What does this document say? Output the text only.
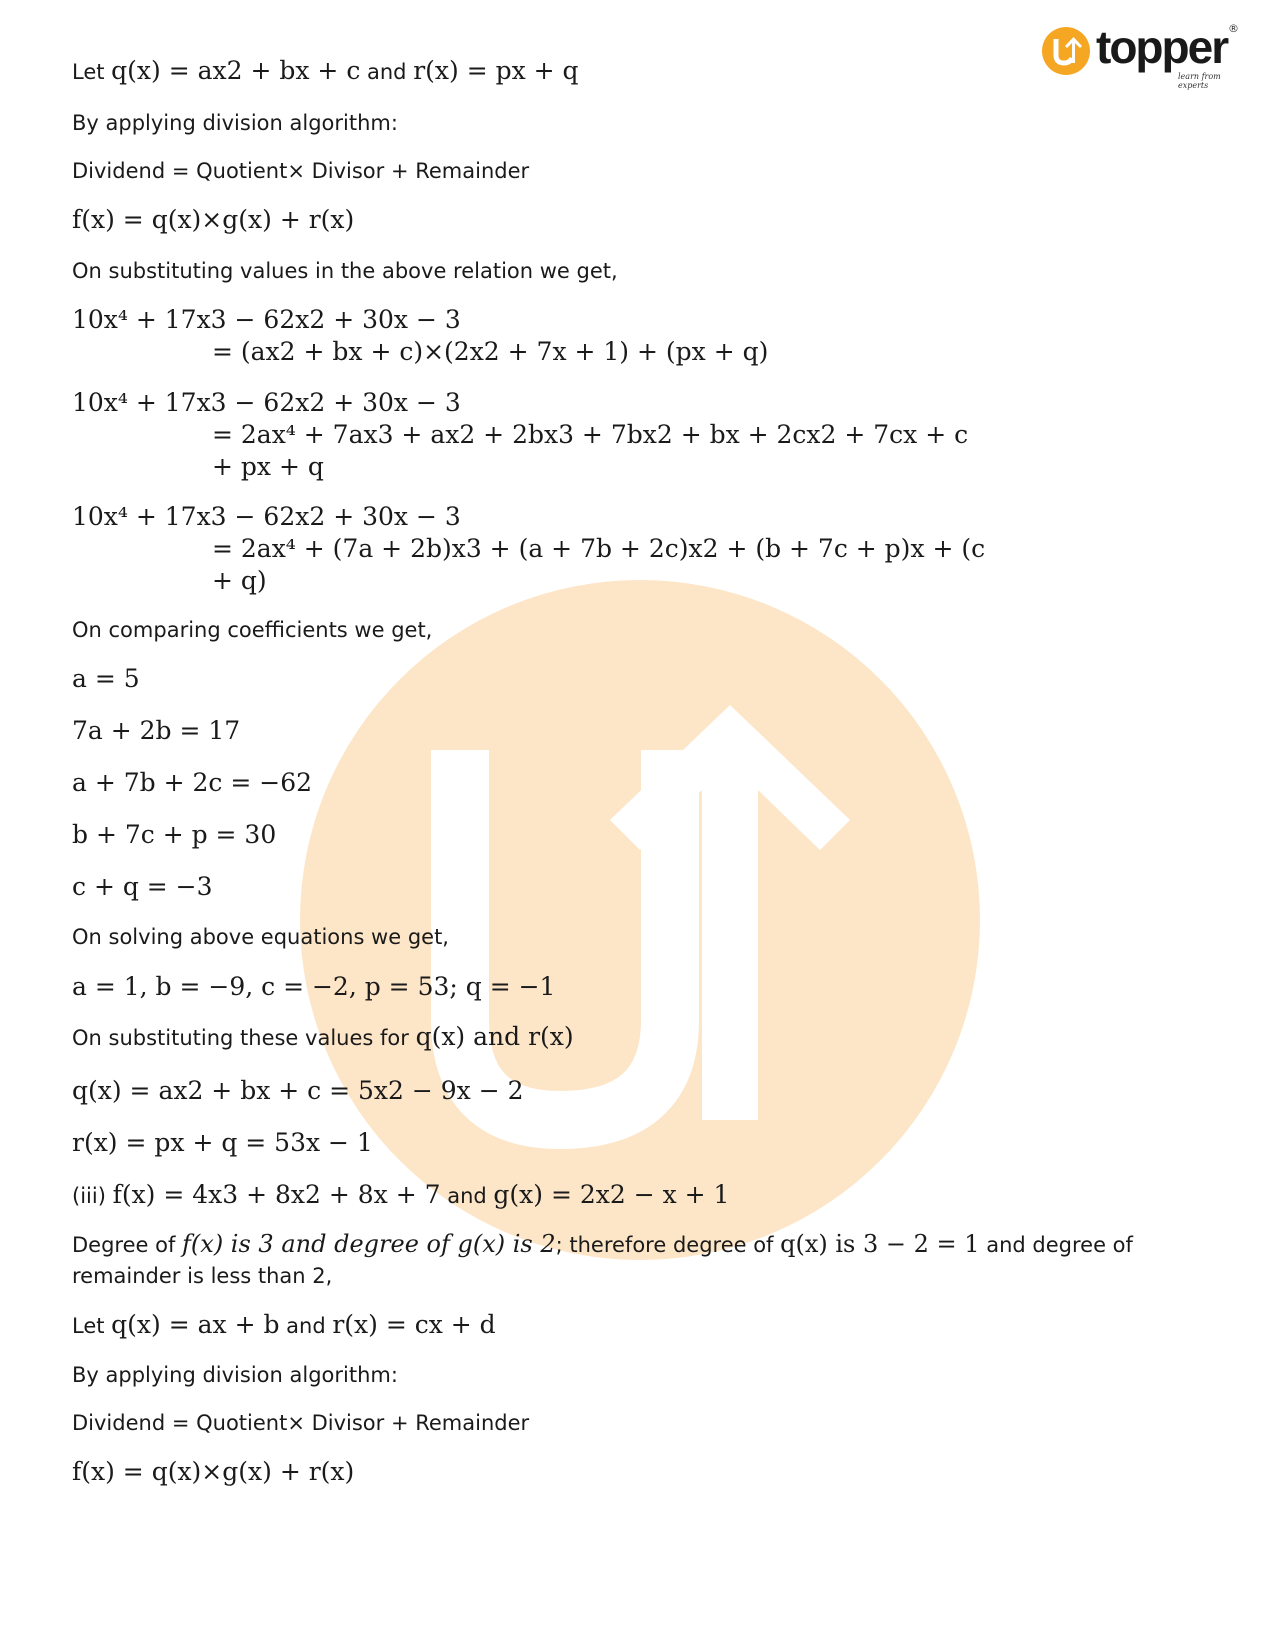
topper
learn from experts
®
Let q(x) = ax2 + bx + c and r(x) = px + q
By applying division algorithm:
Dividend = Quotient× Divisor + Remainder
f(x) = q(x)×g(x) + r(x)
On substituting values in the above relation we get,
10x⁴ + 17x3 − 62x2 + 30x − 3
= (ax2 + bx + c)×(2x2 + 7x + 1) + (px + q)
10x⁴ + 17x3 − 62x2 + 30x − 3
= 2ax⁴ + 7ax3 + ax2 + 2bx3 + 7bx2 + bx + 2cx2 + 7cx + c
+ px + q
10x⁴ + 17x3 − 62x2 + 30x − 3
= 2ax⁴ + (7a + 2b)x3 + (a + 7b + 2c)x2 + (b + 7c + p)x + (c
+ q)
On comparing coefficients we get,
a = 5
7a + 2b = 17
a + 7b + 2c = −62
b + 7c + p = 30
c + q = −3
On solving above equations we get,
a = 1, b = −9, c = −2, p = 53; q = −1
On substituting these values for q(x) and r(x)
q(x) = ax2 + bx + c = 5x2 − 9x − 2
r(x) = px + q = 53x − 1
(iii) f(x) = 4x3 + 8x2 + 8x + 7 and g(x) = 2x2 − x + 1
Degree of f(x) is 3 and degree of g(x) is 2; therefore degree of q(x) is 3 − 2 = 1 and degree of
remainder is less than 2,
Let q(x) = ax + b and r(x) = cx + d
By applying division algorithm:
Dividend = Quotient× Divisor + Remainder
f(x) = q(x)×g(x) + r(x)
